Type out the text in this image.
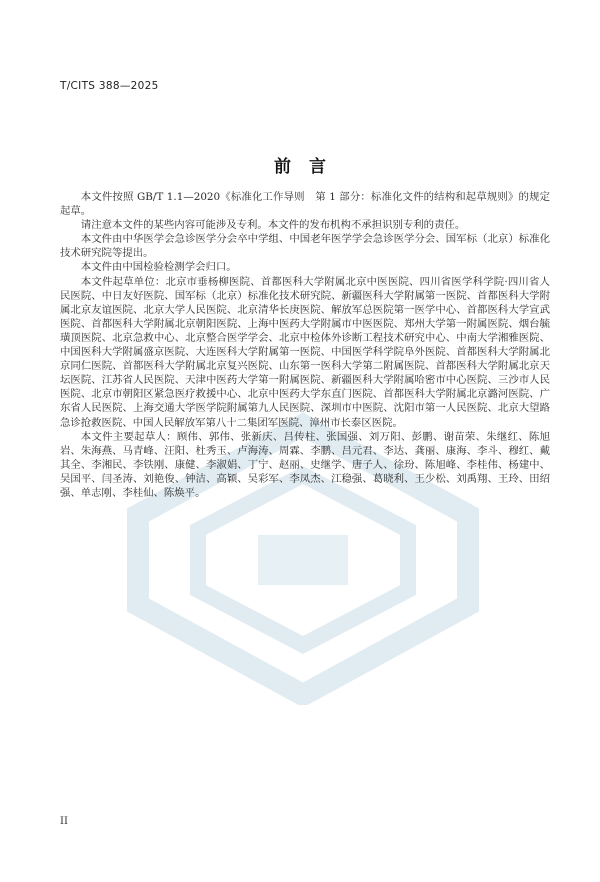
T/CITS 388—2025
前言

本文件按照 GB/T 1.1—2020《标准化工作导则　第 1 部分：标准化文件的结构和起草规则》的规定起草。

请注意本文件的某些内容可能涉及专利。本文件的发布机构不承担识别专利的责任。

本文件由中华医学会急诊医学分会卒中学组、中国老年医学学会急诊医学分会、国军标（北京）标准化技术研究院等提出。

本文件由中国检验检测学会归口。

本文件起草单位：北京市垂杨柳医院、首都医科大学附属北京中医医院、四川省医学科学院·四川省人民医院、中日友好医院、国军标（北京）标准化技术研究院、新疆医科大学附属第一医院、首都医科大学附属北京友谊医院、北京大学人民医院、北京清华长庚医院、解放军总医院第一医学中心、首都医科大学宣武医院、首都医科大学附属北京朝阳医院、上海中医药大学附属市中医医院、郑州大学第一附属医院、烟台毓璜顶医院、北京急救中心、北京整合医学学会、北京中检体外诊断工程技术研究中心、中南大学湘雅医院、中国医科大学附属盛京医院、大连医科大学附属第一医院、中国医学科学院阜外医院、首都医科大学附属北京同仁医院、首都医科大学附属北京复兴医院、山东第一医科大学第二附属医院、首都医科大学附属北京天坛医院、江苏省人民医院、天津中医药大学第一附属医院、新疆医科大学附属哈密市中心医院、三沙市人民医院、北京市朝阳区紧急医疗救援中心、北京中医药大学东直门医院、首都医科大学附属北京潞河医院、广东省人民医院、上海交通大学医学院附属第九人民医院、深圳市中医院、沈阳市第一人民医院、北京大望路急诊抢救医院、中国人民解放军第八十二集团军医院、漳州市长泰区医院。

本文件主要起草人：顾伟、郭伟、张新庆、吕传柱、张国强、刘万阳、彭鹏、谢苗荣、朱继红、陈旭岩、朱海燕、马青峰、汪阳、杜秀玉、卢海涛、周霖、李鹏、吕元君、李达、龚丽、康海、李斗、穆红、戴其全、李湘民、李铁刚、康健、李淑娟、丁宁、赵丽、史继学、唐子人、徐玢、陈旭峰、李桂伟、杨建中、吴国平、闫圣涛、刘艳俊、钟洁、高颖、吴彩军、李凤杰、江稳强、葛晓利、王少松、刘禹翔、王玲、田绍强、单志刚、李桂仙、陈焕平。

II
